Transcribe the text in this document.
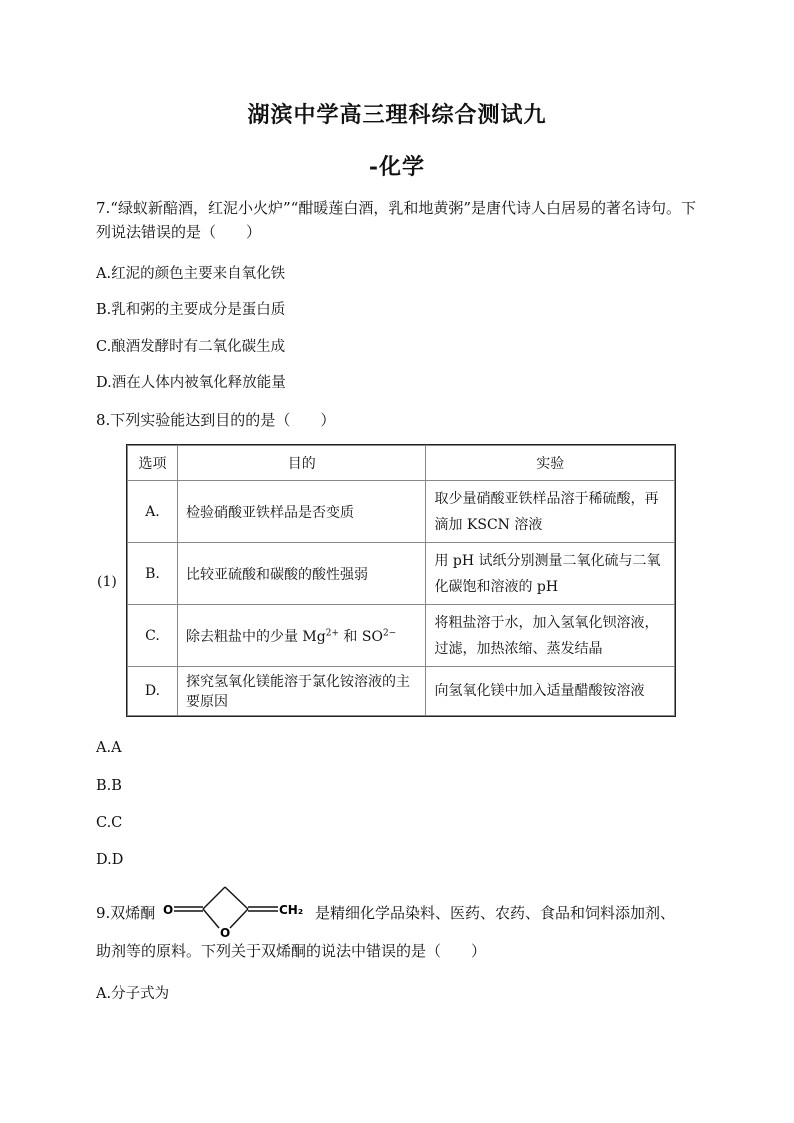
湖滨中学高三理科综合测试九
-化学
7.“绿蚁新醅酒，红泥小火炉”“酣暖莲白酒，乳和地黄粥”是唐代诗人白居易的著名诗句。下列说法错误的是（　　）
A.红泥的颜色主要来自氧化铁
B.乳和粥的主要成分是蛋白质
C.酿酒发酵时有二氧化碳生成
D.酒在人体内被氧化释放能量
8.下列实验能达到目的的是（　　）
(1)
选项	目的	实验
A.	检验硝酸亚铁样品是否变质	取少量硝酸亚铁样品溶于稀硫酸，再滴加 KSCN 溶液
B.	比较亚硫酸和碳酸的酸性强弱	用 pH 试纸分别测量二氧化硫与二氧化碳饱和溶液的 pH
C.	除去粗盐中的少量 $Mg^{2+}$ 和 $SO^{2-}$	将粗盐溶于水，加入氢氧化钡溶液，过滤，加热浓缩、蒸发结晶
D.	探究氢氧化镁能溶于氯化铵溶液的主要原因	向氢氧化镁中加入适量醋酸铵溶液
A.A
B.B
C.C
D.D
9.双烯酮 O
O
CH₂ 是精细化学品染料、医药、农药、食品和饲料添加剂、
助剂等的原料。下列关于双烯酮的说法中错误的是（　　）
A.分子式为
